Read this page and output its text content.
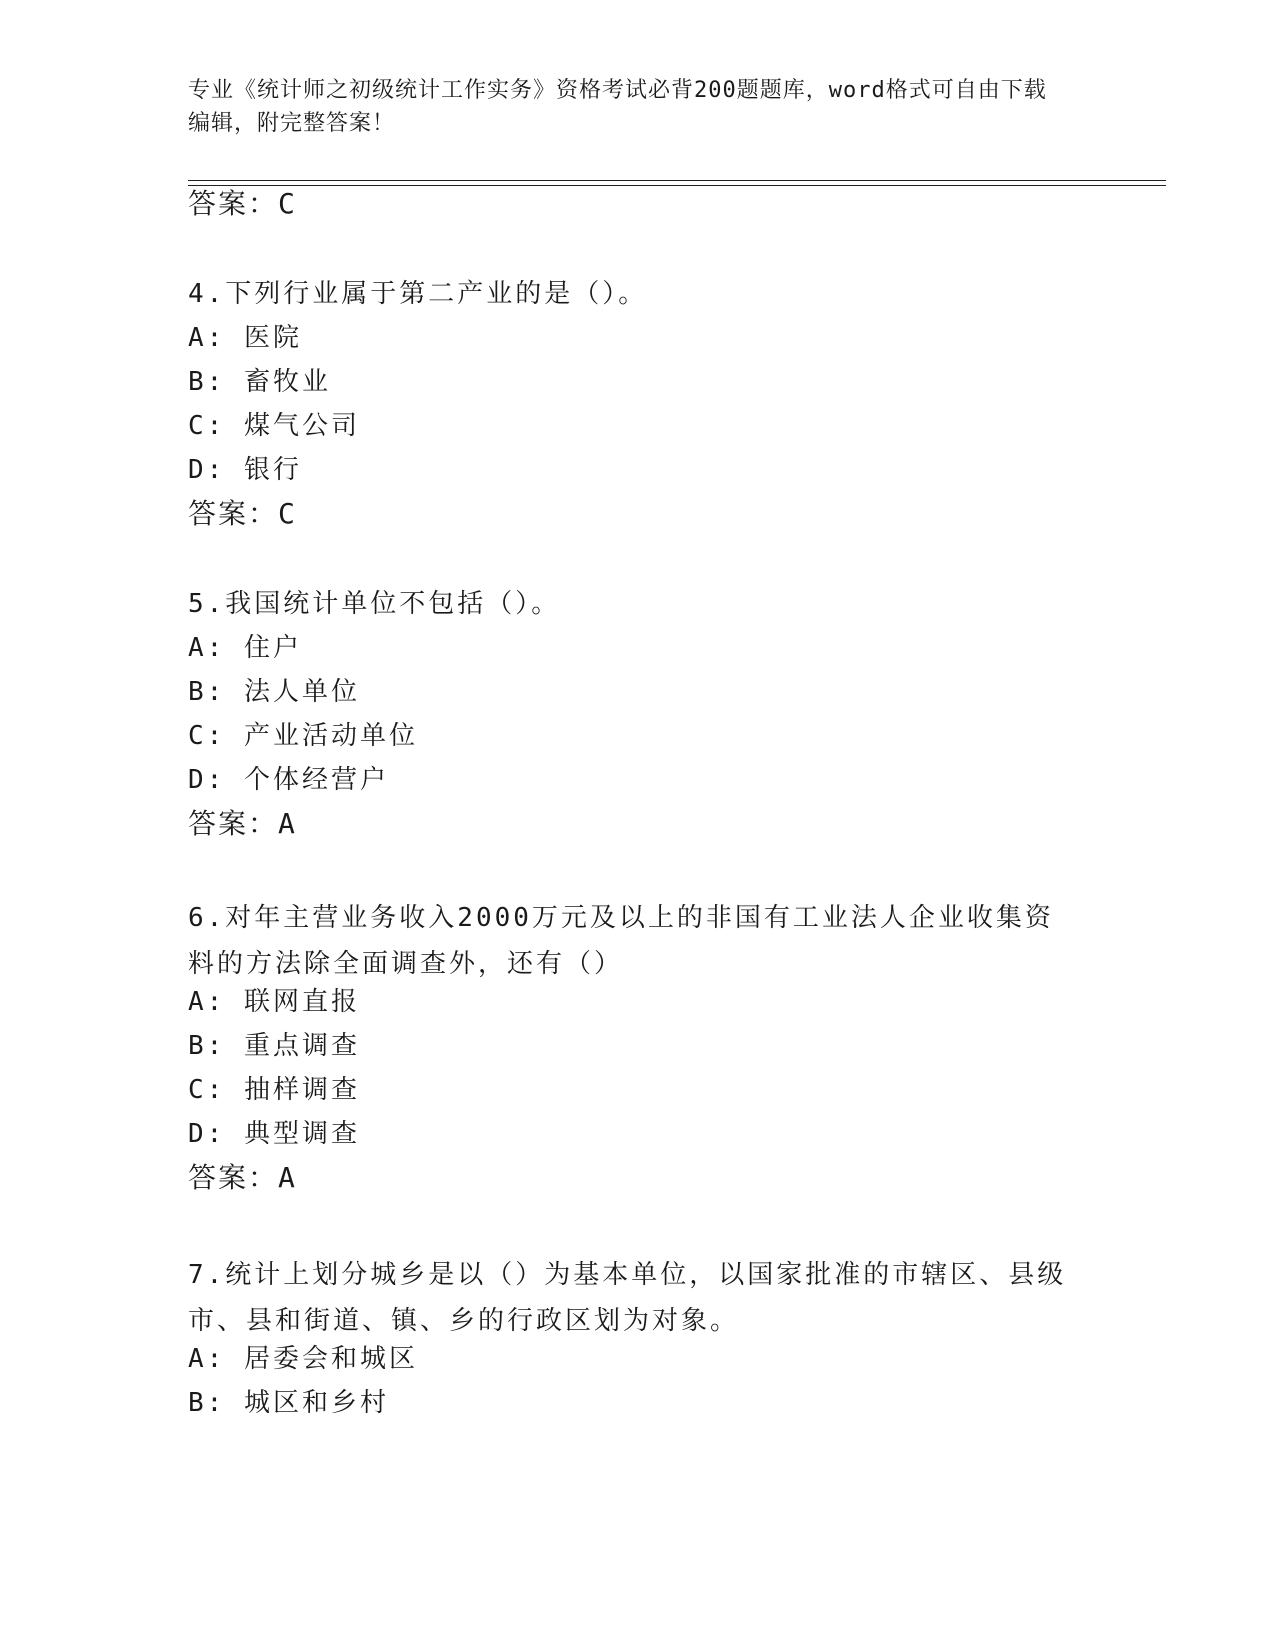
专业《统计师之初级统计工作实务》资格考试必背200题题库，word格式可自由下载编辑，附完整答案！
答案：C
4.下列行业属于第二产业的是（）。
A: 医院
B: 畜牧业
C: 煤气公司
D: 银行
答案：C
5.我国统计单位不包括（）。
A: 住户
B: 法人单位
C: 产业活动单位
D: 个体经营户
答案：A
6.对年主营业务收入2000万元及以上的非国有工业法人企业收集资料的方法除全面调查外，还有（）
A: 联网直报
B: 重点调查
C: 抽样调查
D: 典型调查
答案：A
7.统计上划分城乡是以（）为基本单位，以国家批准的市辖区、县级市、县和街道、镇、乡的行政区划为对象。
A: 居委会和城区
B: 城区和乡村
